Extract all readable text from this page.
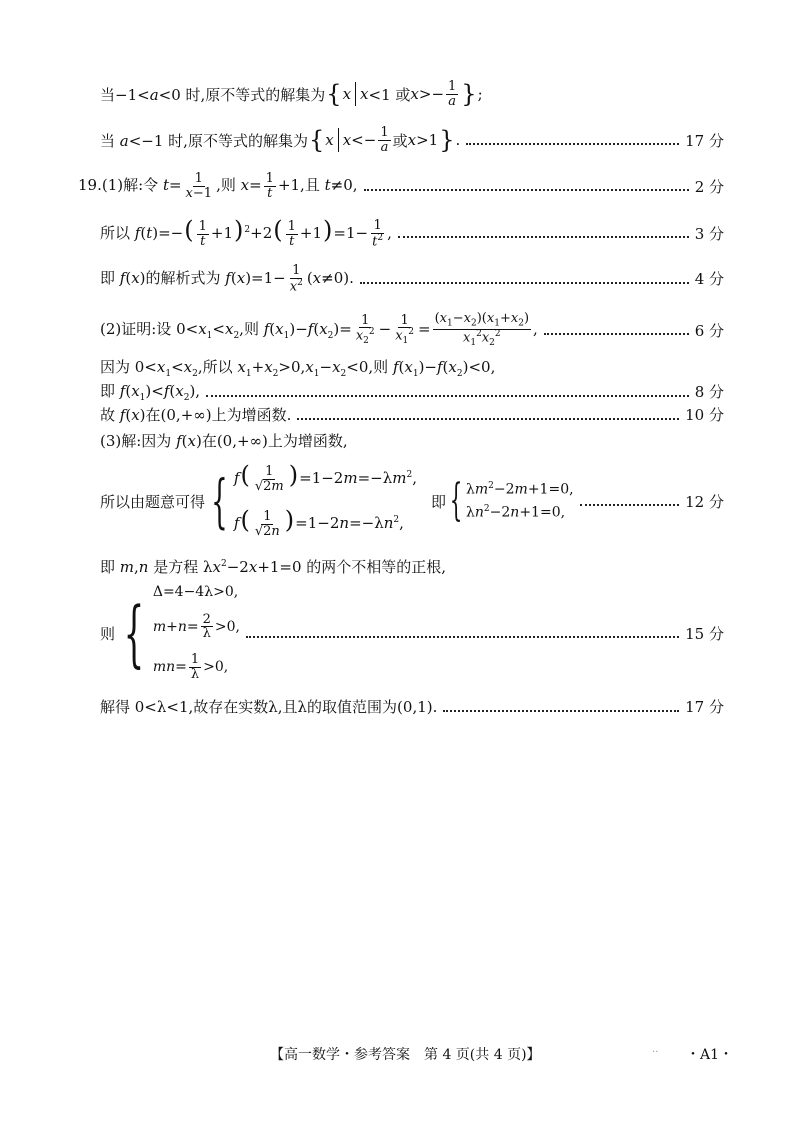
当−1<a<0 时,原不等式的解集为 { x x <1 或 $x >- \frac{1}{a}$ } ;
当 a<−1 时,原不等式的解集为 { x $x <- \frac{1}{a}$ 或 x >1 } .	17 分
19.(1)解:令 $t= \frac{1}{x-1}$ ,则 $x= \frac{1}{t} +1$,且 t≠0,	2 分
所以 $f(t)=-( \frac{1}{t} +1)^2+2( \frac{1}{t} +1)=1- \frac{1}{t^2}$ ,	3 分
即 f(x)的解析式为 $f(x)=1- \frac{1}{x^2} (x\ne 0)$.	4 分
(2)证明:设 $0<x_1<x_2$,则 $f(x_1)-f(x_2)= \frac{1}{x_2^2} - \frac{1}{x_1^2} = \frac{(x_1-x_2)(x_1+x_2)}{x_1^2x_2^2}$ ,	6 分
因为 $0<x_1<x_2$,所以 $x_1+x_2>0,x_1-x_2<0$,则 $f(x_1)-f(x_2)<0$,
即 $f(x_1)<f(x_2)$,	8 分
故 f(x)在(0,+∞)上为增函数.	10 分
(3)解:因为 f(x)在(0,+∞)上为增函数,
所以由题意可得 { $f( \frac{1}{√2m} )=1-2m=-\lambda m^2$,
$f( \frac{1}{√2n} )=1-2n=-\lambda n^2$,
即 { $\lambda m^2-2m+1=0$,
$\lambda n^2-2n+1=0$,
12 分
即 m,n 是方程 $\lambda x^2-2x+1=0$ 的两个不相等的正根,
则 { Δ=4−4λ>0,
$m+n= \frac{2}{\lambda} >0$,
$mn= \frac{1}{\lambda} >0$,
15 分
解得 0<λ<1,故存在实数λ,且λ的取值范围为(0,1).	17 分
【高一数学・参考答案　第 4 页(共 4 页)】	.. ・A1・
